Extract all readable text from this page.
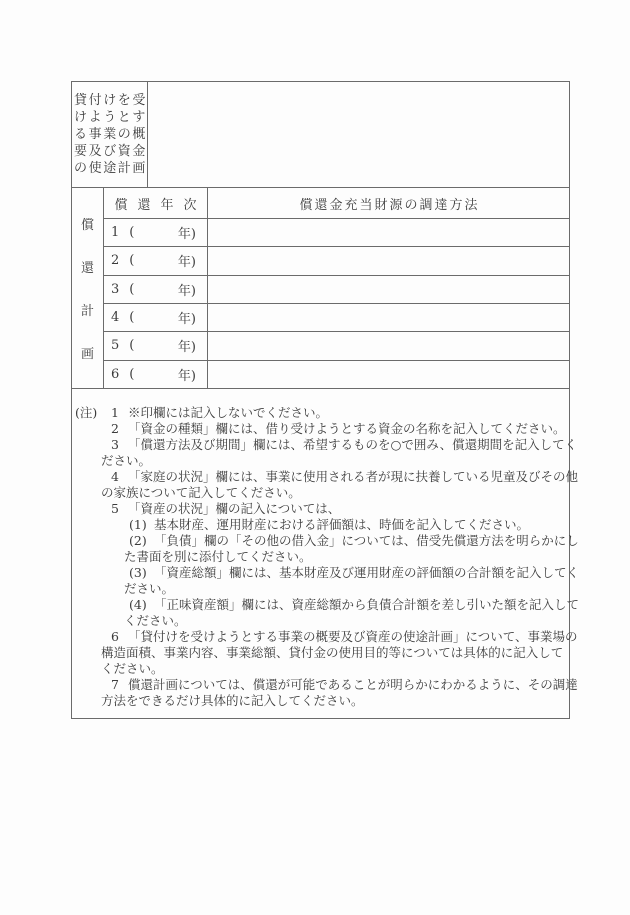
貸付けを受
けようとす
る事業の概
要及び資金
の使途計画
償
還
計
画
償還年次	償還金充当財源の調達方法
1 (	年)
2 (	年)
3 (	年)
4 (	年)
5 (	年)
6 (	年)
(注)	1 ※印欄には記入しないでください。
2 「資金の種類」欄には、借り受けようとする資金の名称を記入してください。
3 「償還方法及び期間」欄には、希望するものを○で囲み、償還期間を記入してく
ださい。
4 「家庭の状況」欄には、事業に使用される者が現に扶養している児童及びその他
の家族について記入してください。
5 「資産の状況」欄の記入については、
(1) 基本財産、運用財産における評価額は、時価を記入してください。
(2) 「負債」欄の「その他の借入金」については、借受先償還方法を明らかにし
た書面を別に添付してください。
(3) 「資産総額」欄には、基本財産及び運用財産の評価額の合計額を記入してく
ださい。
(4) 「正味資産額」欄には、資産総額から負債合計額を差し引いた額を記入して
ください。
6 「貸付けを受けようとする事業の概要及び資産の使途計画」について、事業場の
構造面積、事業内容、事業総額、貸付金の使用目的等については具体的に記入して
ください。
7 償還計画については、償還が可能であることが明らかにわかるように、その調達
方法をできるだけ具体的に記入してください。
